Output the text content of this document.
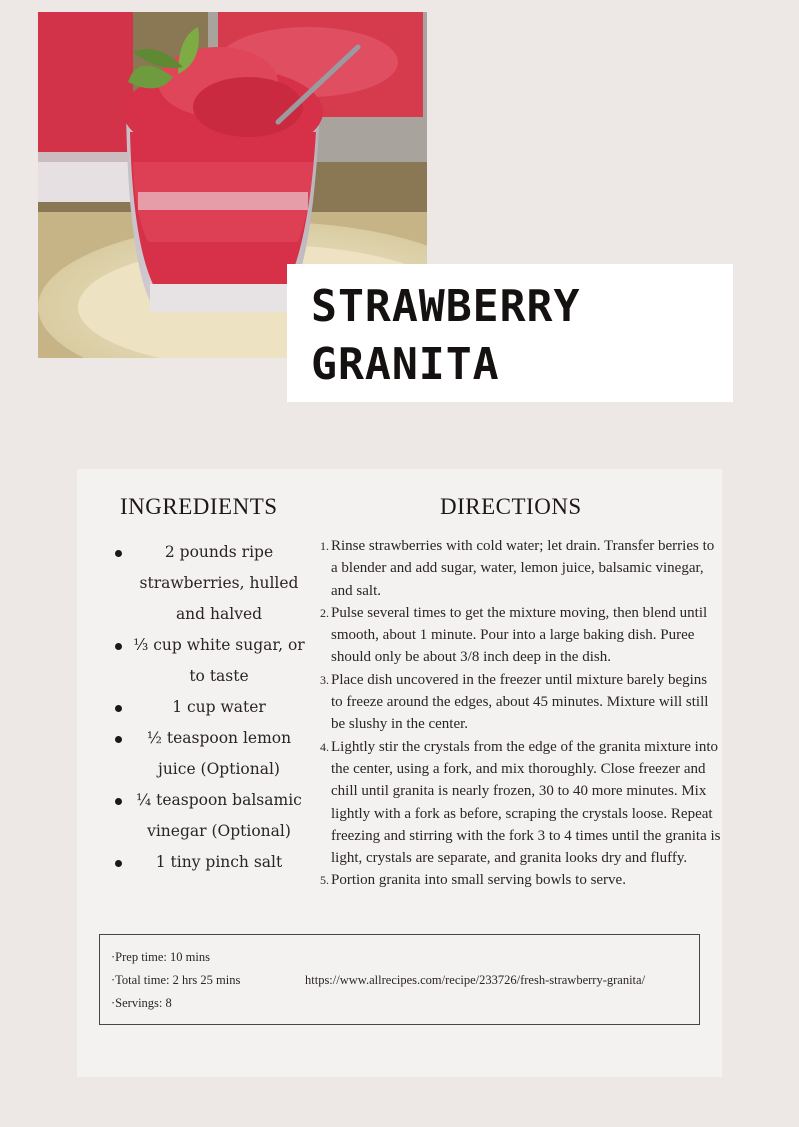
STRAWBERRY
GRANITA
INGREDIENTS	DIRECTIONS
2 pounds ripe strawberries, hulled and halved
⅓ cup white sugar, or to taste
1 cup water
½ teaspoon lemon juice (Optional)
¼ teaspoon balsamic vinegar (Optional)
1 tiny pinch salt
1. Rinse strawberries with cold water; let drain. Transfer berries to a blender and add sugar, water, lemon juice, balsamic vinegar, and salt.
2. Pulse several times to get the mixture moving, then blend until smooth, about 1 minute. Pour into a large baking dish. Puree should only be about 3/8 inch deep in the dish.
3. Place dish uncovered in the freezer until mixture barely begins to freeze around the edges, about 45 minutes. Mixture will still be slushy in the center.
4. Lightly stir the crystals from the edge of the granita mixture into the center, using a fork, and mix thoroughly. Close freezer and chill until granita is nearly frozen, 30 to 40 more minutes. Mix lightly with a fork as before, scraping the crystals loose. Repeat freezing and stirring with the fork 3 to 4 times until the granita is light, crystals are separate, and granita looks dry and fluffy.
5. Portion granita into small serving bowls to serve.
·Prep time: 10 mins
·Total time: 2 hrs 25 mins
·Servings: 8
https://www.allrecipes.com/recipe/233726/fresh-strawberry-granita/
